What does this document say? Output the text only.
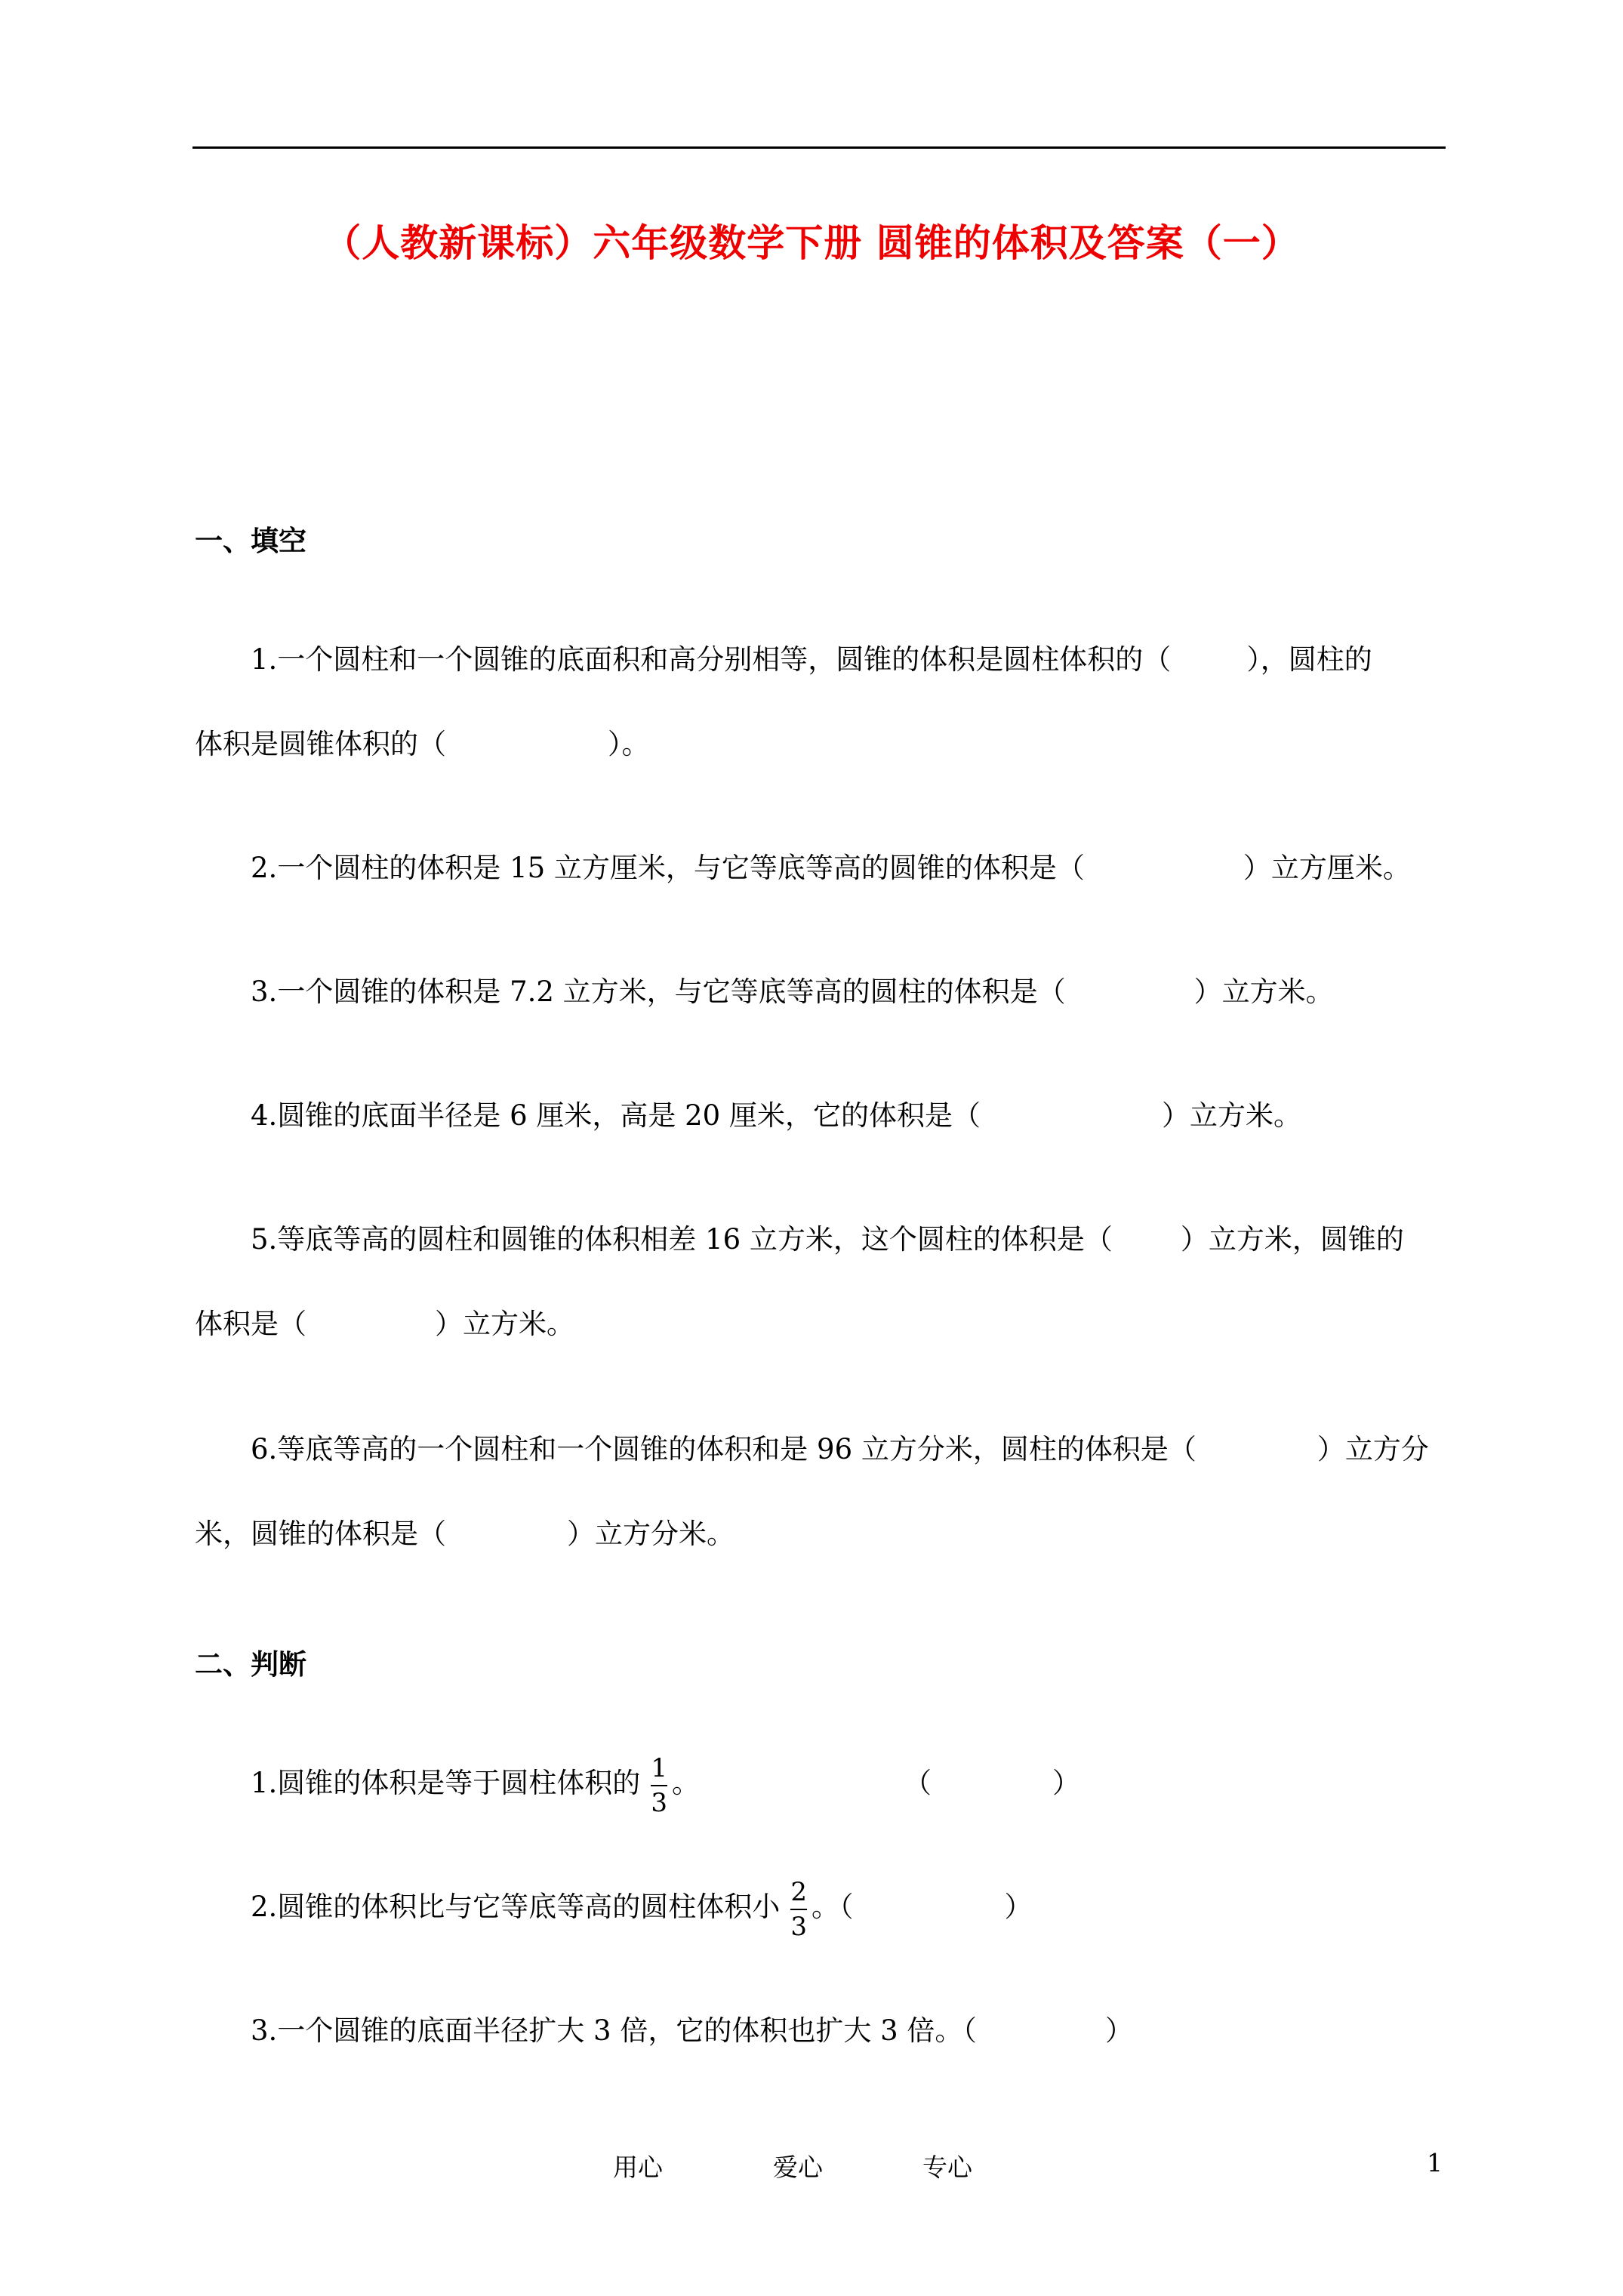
（人教新课标）六年级数学下册 圆锥的体积及答案（一）
一、填空
1.一个圆柱和一个圆锥的底面积和高分别相等，圆锥的体积是圆柱体积的（	），圆柱的
体积是圆锥体积的（	）。
2.一个圆柱的体积是 15 立方厘米，与它等底等高的圆锥的体积是（	）立方厘米。
3.一个圆锥的体积是 7.2 立方米，与它等底等高的圆柱的体积是（	）立方米。
4.圆锥的底面半径是 6 厘米，高是 20 厘米，它的体积是（	）立方米。
5.等底等高的圆柱和圆锥的体积相差 16 立方米，这个圆柱的体积是（ ）立方米，圆锥的
体积是（	）立方米。
6.等底等高的一个圆柱和一个圆锥的体积和是 96 立方分米，圆柱的体积是（	）立方分
米，圆锥的体积是（	）立方分米。
二、判断
1.圆锥的体积是等于圆柱体积的 $\frac{1}{3}$ 。	（	）
2.圆锥的体积比与它等底等高的圆柱体积小 $\frac{2}{3}$ 。（	）
3.一个圆锥的底面半径扩大 3 倍，它的体积也扩大 3 倍。（	）
用心	爱心	专心	1
